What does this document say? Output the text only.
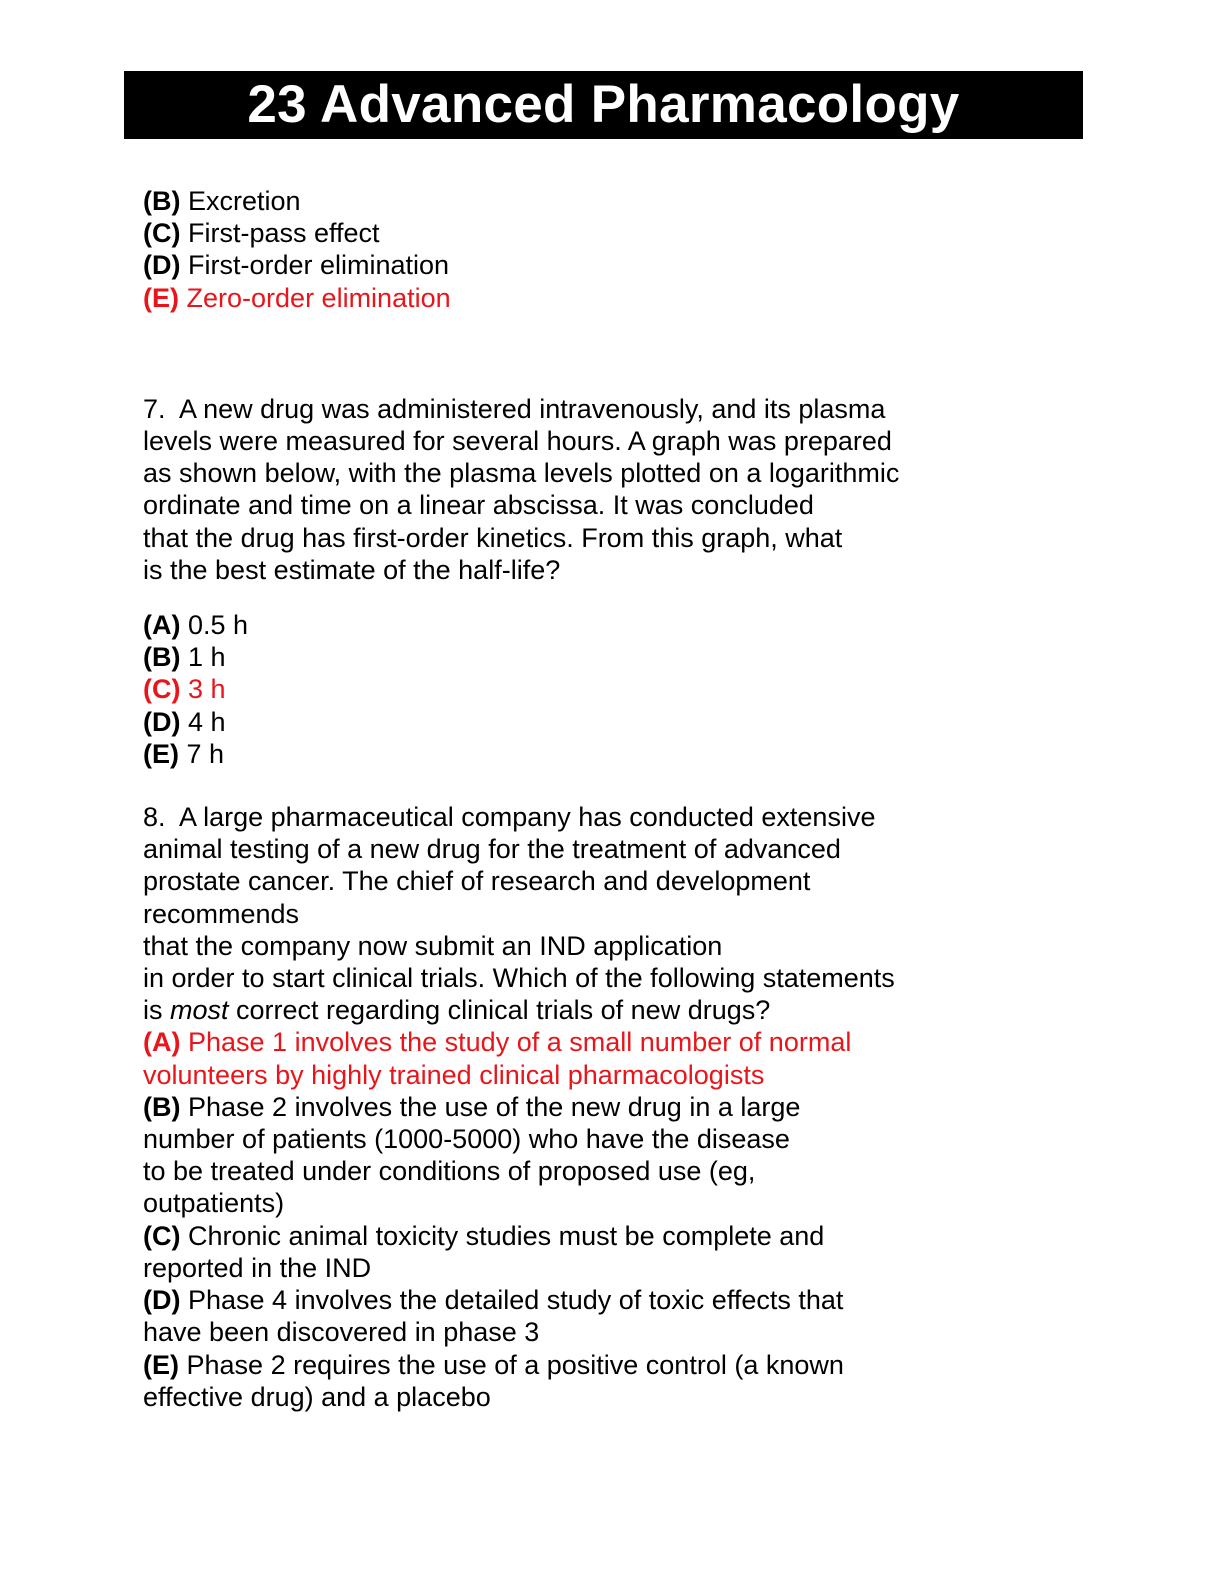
23 Advanced Pharmacology
(B) Excretion
(C) First-pass effect
(D) First-order elimination
(E) Zero-order elimination
7. A new drug was administered intravenously, and its plasma
levels were measured for several hours. A graph was prepared
as shown below, with the plasma levels plotted on a logarithmic
ordinate and time on a linear abscissa. It was concluded
that the drug has first-order kinetics. From this graph, what
is the best estimate of the half-life?
(A) 0.5 h
(B) 1 h
(C) 3 h
(D) 4 h
(E) 7 h
8. A large pharmaceutical company has conducted extensive
animal testing of a new drug for the treatment of advanced
prostate cancer. The chief of research and development
recommends
that the company now submit an IND application
in order to start clinical trials. Which of the following statements
is most correct regarding clinical trials of new drugs?
(A) Phase 1 involves the study of a small number of normal
volunteers by highly trained clinical pharmacologists
(B) Phase 2 involves the use of the new drug in a large
number of patients (1000-5000) who have the disease
to be treated under conditions of proposed use (eg,
outpatients)
(C) Chronic animal toxicity studies must be complete and
reported in the IND
(D) Phase 4 involves the detailed study of toxic effects that
have been discovered in phase 3
(E) Phase 2 requires the use of a positive control (a known
effective drug) and a placebo
